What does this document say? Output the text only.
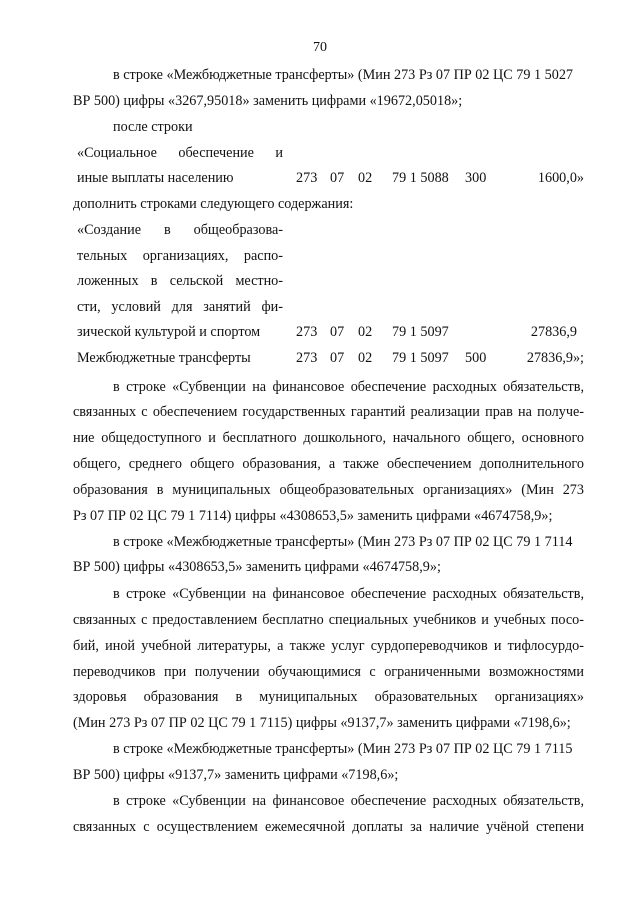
70
в строке «Межбюджетные трансферты» (Мин 273 Рз 07 ПР 02 ЦС 79 1 5027
ВР 500) цифры «3267,95018» заменить цифрами «19672,05018»;
после строки
«Социальное обеспечение и
иные выплаты населению	273 07 02 79 1 5088 300	1600,0»
дополнить строками следующего содержания:
«Создание в общеобразова-
тельных организациях, распо-
ложенных в сельской местно-
сти, условий для занятий фи-
зической культурой и спортом	273 07 02 79 1 5097	27836,9
Межбюджетные трансферты	273 07 02 79 1 5097 500	27836,9»;
в строке «Субвенции на финансовое обеспечение расходных обязательств,
связанных с обеспечением государственных гарантий реализации прав на получе-
ние общедоступного и бесплатного дошкольного, начального общего, основного
общего, среднего общего образования, а также обеспечением дополнительного
образования в муниципальных общеобразовательных организациях» (Мин 273
Рз 07 ПР 02 ЦС 79 1 7114) цифры «4308653,5» заменить цифрами «4674758,9»;
в строке «Межбюджетные трансферты» (Мин 273 Рз 07 ПР 02 ЦС 79 1 7114
ВР 500) цифры «4308653,5» заменить цифрами «4674758,9»;
в строке «Субвенции на финансовое обеспечение расходных обязательств,
связанных с предоставлением бесплатно специальных учебников и учебных посо-
бий, иной учебной литературы, а также услуг сурдопереводчиков и тифлосурдо-
переводчиков при получении обучающимися с ограниченными возможностями
здоровья образования в муниципальных образовательных организациях»
(Мин 273 Рз 07 ПР 02 ЦС 79 1 7115) цифры «9137,7» заменить цифрами «7198,6»;
в строке «Межбюджетные трансферты» (Мин 273 Рз 07 ПР 02 ЦС 79 1 7115
ВР 500) цифры «9137,7» заменить цифрами «7198,6»;
в строке «Субвенции на финансовое обеспечение расходных обязательств,
связанных с осуществлением ежемесячной доплаты за наличие учёной степени
